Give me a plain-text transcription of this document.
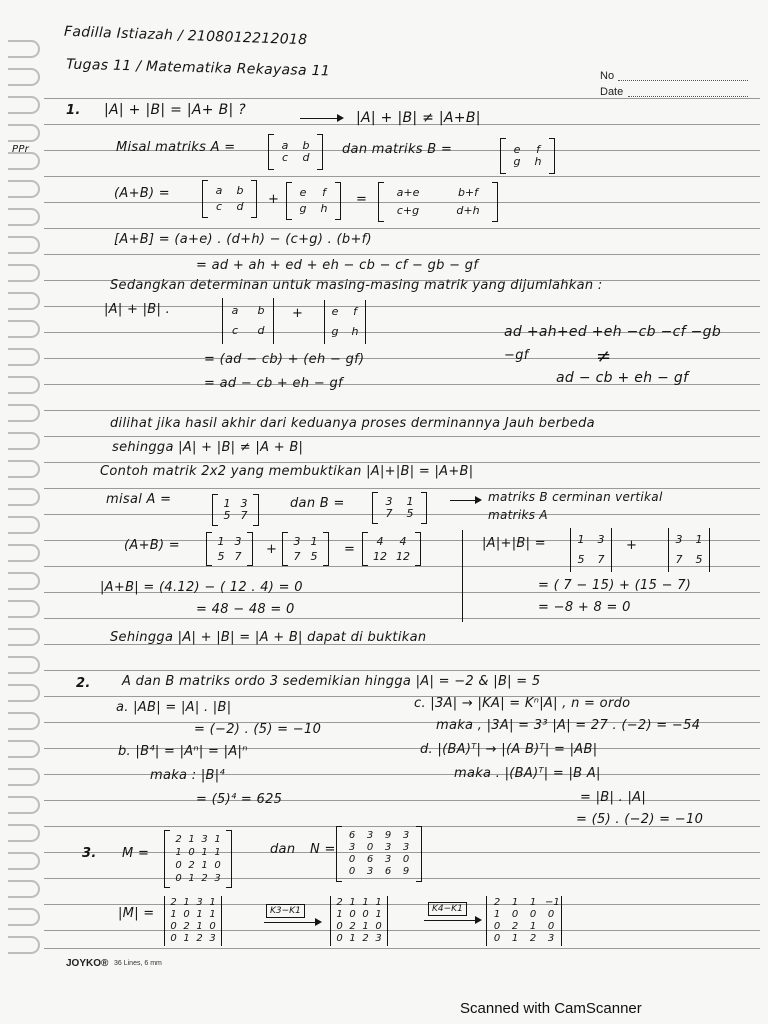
Fadilla Istiazah / 2108012212018
Tugas 11 / Matematika Rekayasa 11	No
Date
PPr
1. |A| + |B| = |A+ B| ?	|A| + |B| ≠ |A+B|
Misal matriks A =	a	b
c	d
dan matriks B =	e	f
g	h
(A+B) =	a	b
c	d +	e	f
g	h
=	a+e	b+f
c+g	d+h
[A+B] = (a+e) . (d+h) − (c+g) . (b+f)
= ad + ah + ed + eh − cb − cf − gb − gf
Sedangkan determinan untuk masing-masing matrik yang dijumlahkan :
|A| + |B| .	a	b
c	d
+	e	f
g h
= (ad − cb) + (eh − gf)
= ad − cb + eh − gf
ad +ah+ed +eh −cb −cf −gb
−gf	≠
ad − cb + eh − gf
dilihat jika hasil akhir dari keduanya proses derminannya Jauh berbeda
sehingga |A| + |B| ≠ |A + B|
Contoh matrik 2x2 yang membuktikan |A|+|B| = |A+B|
misal A =	1 3
5 7
dan B =	3	1
7	5
matriks B cerminan vertikal
matriks A
(A+B) =	1 3
5 7 +
3 1
7 5 =
4	4
12 12
|A|+|B| =	1 3
5 7
+	3 1
7 5
|A+B| = (4.12) − ( 12 . 4) = 0
= 48 − 48 = 0
= ( 7 − 15) + (15 − 7)
= −8 + 8 = 0
Sehingga |A| + |B| = |A + B| dapat di buktikan
2. A dan B matriks ordo 3 sedemikian hingga |A| = −2 & |B| = 5
a. |AB| = |A| . |B|
= (−2) . (5) = −10
b. |B⁴| = |Aⁿ| = |A|ⁿ
maka : |B|⁴
= (5)⁴ = 625
c. |3A| → |KA| = Kⁿ|A| , n = ordo
maka , |3A| = 3³ |A| = 27 . (−2) = −54
d. |(BA)ᵀ| → |(A B)ᵀ| = |AB|
maka . |(BA)ᵀ| = |B A|
= |B| . |A|
= (5) . (−2) = −10
3. M =
2 1 3 1
1 0 1 1
0 2 1 0
0 1 2 3
dan N =
6 3 9 3
3 0 3 3
0 6 3 0
0 3 6 9
|M| =
2 1 3 1
1 0 1 1
0 2 1 0
0 1 2 3
K3−K1
2 1 1 1
1 0 0 1
0 2 1 0
0 1 2 3
K4−K1
2 1 1 −1
1 0 0 0
0 2 1 0
0 1 2 3
JOYKO® 36 Lines, 6 mm
Scanned with CamScanner
